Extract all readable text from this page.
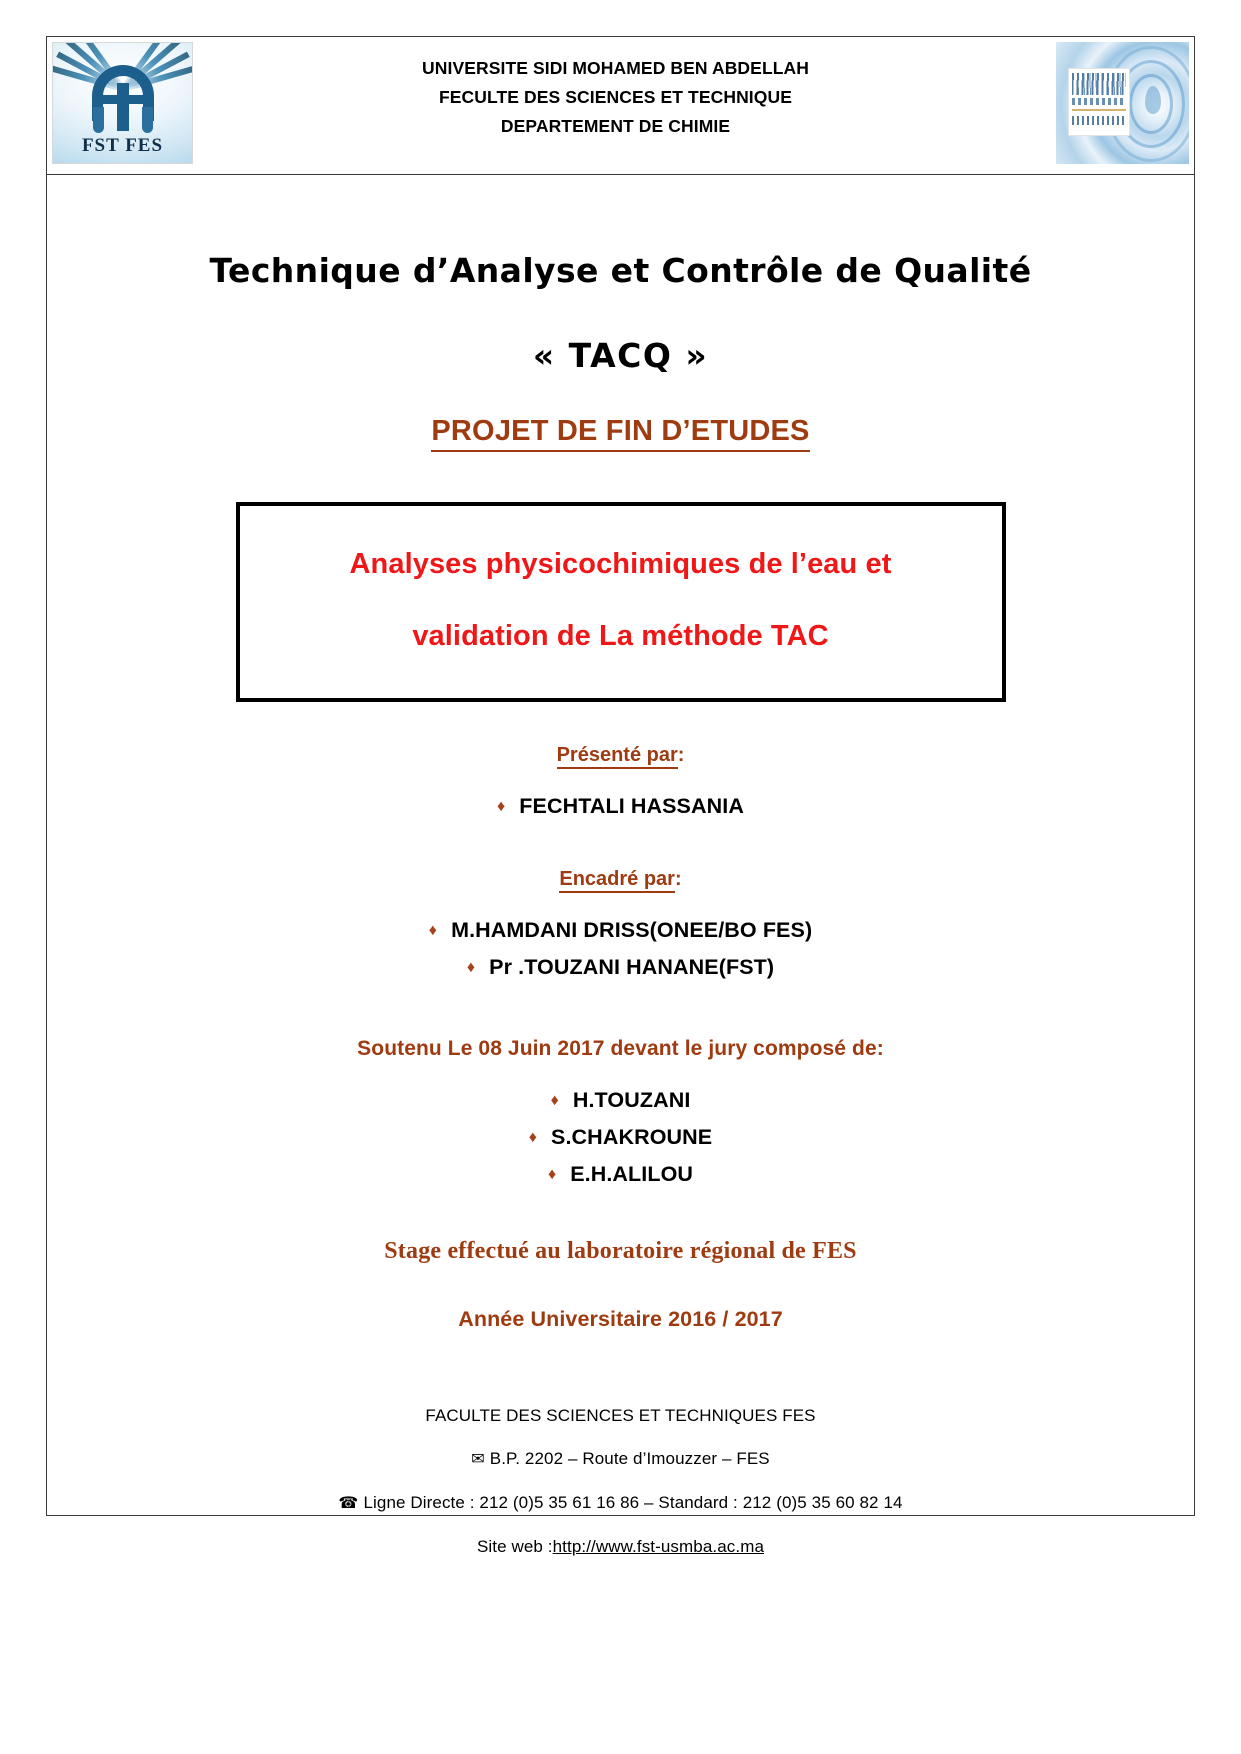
FST FES
UNIVERSITE SIDI MOHAMED BEN ABDELLAH
FECULTE DES SCIENCES ET TECHNIQUE
DEPARTEMENT DE CHIMIE
Technique d’Analyse et Contrôle de Qualité
« TACQ »
PROJET DE FIN D’ETUDES
Analyses physicochimiques de l’eau et
validation de La méthode TAC
Présenté par:
♦ FECHTALI HASSANIA
Encadré par:
♦ M.HAMDANI DRISS(ONEE/BO FES)
♦ Pr .TOUZANI HANANE(FST)
Soutenu Le 08 Juin 2017 devant le jury composé de:
♦ H.TOUZANI
♦ S.CHAKROUNE
♦ E.H.ALILOU
Stage effectué au laboratoire régional de FES
Année Universitaire 2016 / 2017
FACULTE DES SCIENCES ET TECHNIQUES FES
✉ B.P. 2202 – Route d’Imouzzer – FES
☎ Ligne Directe : 212 (0)5 35 61 16 86 – Standard : 212 (0)5 35 60 82 14
Site web :http://www.fst-usmba.ac.ma
